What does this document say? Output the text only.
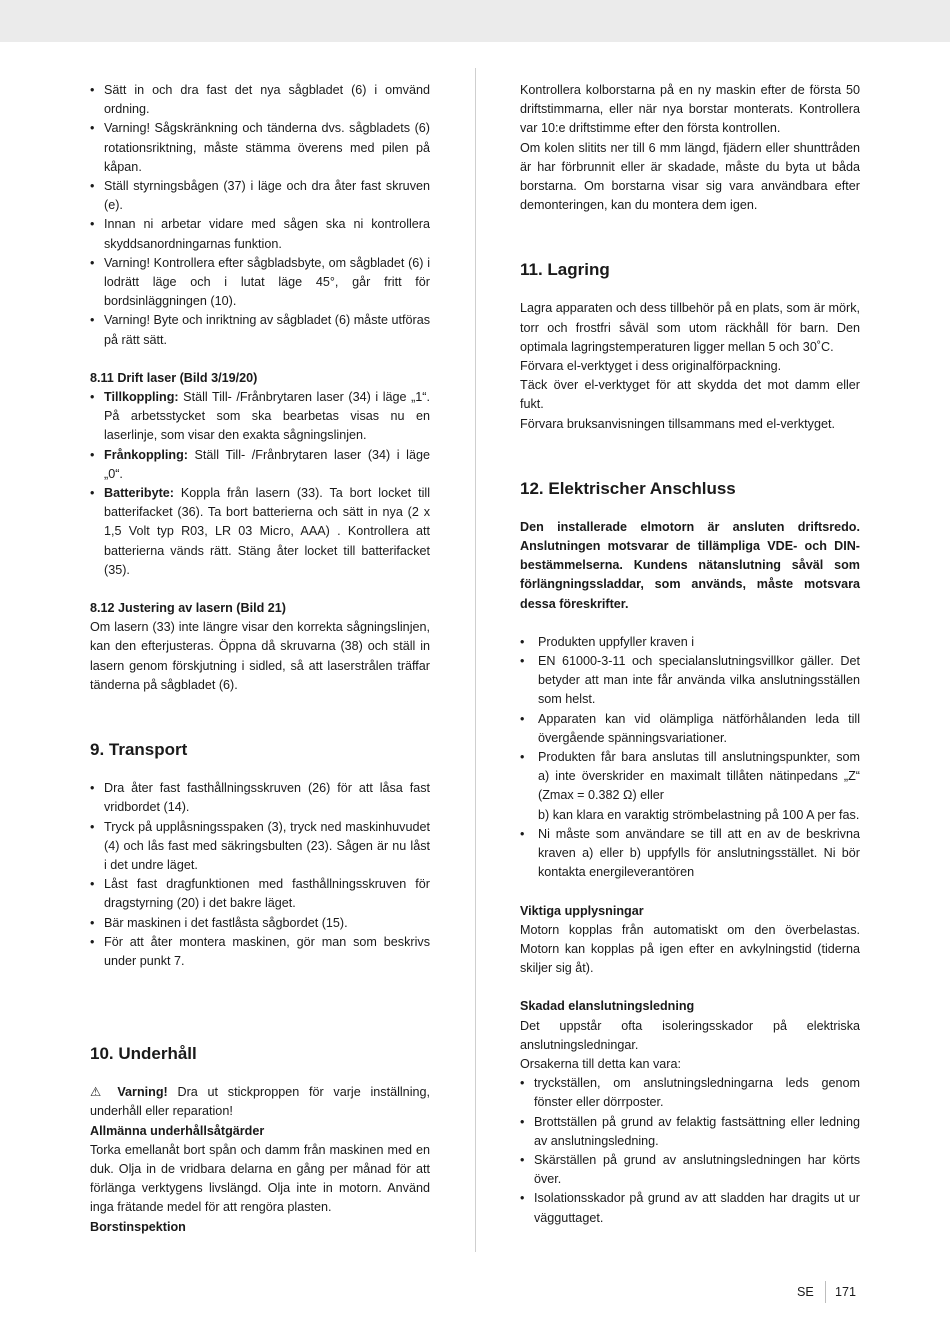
• Sätt in och dra fast det nya sågbladet (6) i omvänd ordning.
• Varning! Sågskränkning och tänderna dvs. sågbladets (6) rotationsriktning, måste stämma överens med pilen på kåpan.
• Ställ styrningsbågen (37) i läge och dra åter fast skruven (e).
• Innan ni arbetar vidare med sågen ska ni kontrollera skyddsanordningarnas funktion.
• Varning! Kontrollera efter sågbladsbyte, om sågbladet (6) i lodrätt läge och i lutat läge 45°, går fritt för bordsinläggningen (10).
• Varning! Byte och inriktning av sågbladet (6) måste utföras på rätt sätt.
8.11 Drift laser (Bild 3/19/20)
• Tillkoppling: Ställ Till- /Frånbrytaren laser (34) i läge „1“. På arbetsstycket som ska bearbetas visas nu en laserlinje, som visar den exakta sågningslinjen.
• Frånkoppling: Ställ Till- /Frånbrytaren laser (34) i läge „0“.
• Batteribyte: Koppla från lasern (33). Ta bort locket till batterifacket (36). Ta bort batterierna och sätt in nya (2 x 1,5 Volt typ R03, LR 03 Micro, AAA) . Kontrollera att batterierna vänds rätt. Stäng åter locket till batterifacket (35).
8.12 Justering av lasern (Bild 21)

Om lasern (33) inte längre visar den korrekta sågningslinjen, kan den efterjusteras. Öppna då skruvarna (38) och ställ in lasern genom förskjutning i sidled, så att laserstrålen träffar tänderna på sågbladet (6).

9. Transport
• Dra åter fast fasthållningsskruven (26) för att låsa fast vridbordet (14).
• Tryck på upplåsningsspaken (3), tryck ned maskinhuvudet (4) och lås fast med säkringsbulten (23). Sågen är nu låst i det undre läget.
• Låst fast dragfunktionen med fasthållningsskruven för dragstyrning (20) i det bakre läget.
• Bär maskinen i det fastlåsta sågbordet (15).
• För att åter montera maskinen, gör man som beskrivs under punkt 7.
10. Underhåll

⚠ Varning! Dra ut stickproppen för varje inställning, underhåll eller reparation!

Allmänna underhållsåtgärder

Torka emellanåt bort spån och damm från maskinen med en duk. Olja in de vridbara delarna en gång per månad för att förlänga verktygens livslängd. Olja inte in motorn. Använd inga frätande medel för att rengöra plasten.

Borstinspektion

Kontrollera kolborstarna på en ny maskin efter de första 50 driftstimmarna, eller när nya borstar monterats. Kontrollera var 10:e driftstimme efter den första kontrollen.

Om kolen slitits ner till 6 mm längd, fjädern eller shunttråden är har förbrunnit eller är skadade, måste du byta ut båda borstarna. Om borstarna visar sig vara användbara efter demonteringen, kan du montera dem igen.

11. Lagring

Lagra apparaten och dess tillbehör på en plats, som är mörk, torr och frostfri såväl som utom räckhåll för barn. Den optimala lagringstemperaturen ligger mellan 5 och 30˚C.

Förvara el-verktyget i dess originalförpackning.

Täck över el-verktyget för att skydda det mot damm eller fukt.

Förvara bruksanvisningen tillsammans med el-verktyget.

12. Elektrischer Anschluss

Den installerade elmotorn är ansluten driftsredo. Anslutningen motsvarar de tillämpliga VDE- och DIN-bestämmelserna. Kundens nätanslutning såväl som förlängningssladdar, som används, måste motsvara dessa föreskrifter.

• Produkten uppfyller kraven i
• EN 61000-3-11 och specialanslutningsvillkor gäller. Det betyder att man inte får använda vilka anslutningsställen som helst.
• Apparaten kan vid olämpliga nätförhålanden leda till övergående spänningsvariationer.
• Produkten får bara anslutas till anslutningspunkter, som a) inte överskrider en maximalt tillåten nätinpedans „Z“ (Zmax = 0.382 Ω) eller
b) kan klara en varaktig strömbelastning på 100 A per fas.
• Ni måste som användare se till att en av de beskrivna kraven a) eller b) uppfylls för anslutningsstället. Ni bör kontakta energileverantören
Viktiga upplysningar

Motorn kopplas från automatiskt om den överbelastas. Motorn kan kopplas på igen efter en avkylningstid (tiderna skiljer sig åt).

Skadad elanslutningsledning

Det uppstår ofta isoleringsskador på elektriska anslutningsledningar.

Orsakerna till detta kan vara:

• tryckställen, om anslutningsledningarna leds genom fönster eller dörrposter.
• Brottställen på grund av felaktig fastsättning eller ledning av anslutningsledning.
• Skärställen på grund av anslutningsledningen har körts över.
• Isolationsskador på grund av att sladden har dragits ut ur vägguttaget.
SE 171
